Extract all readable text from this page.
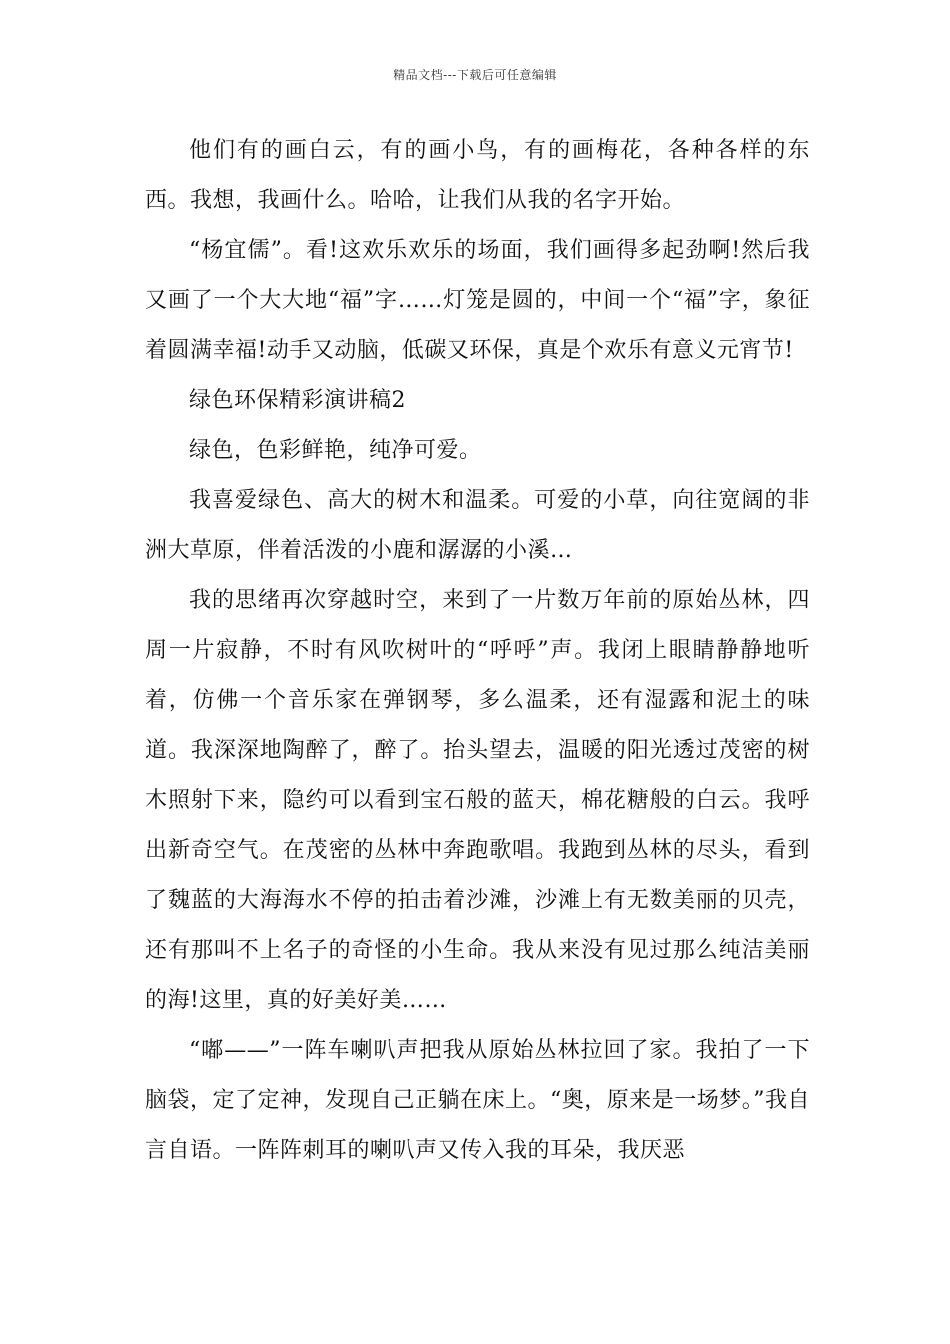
精品文档---下载后可任意编辑

他们有的画白云，有的画小鸟，有的画梅花，各种各样的东西。我想，我画什么。哈哈，让我们从我的名字开始。

“杨宜儒”。看!这欢乐欢乐的场面，我们画得多起劲啊!然后我又画了一个大大地“福”字……灯笼是圆的，中间一个“福”字，象征着圆满幸福!动手又动脑，低碳又环保，真是个欢乐有意义元宵节!

绿色环保精彩演讲稿2

绿色，色彩鲜艳，纯净可爱。

我喜爱绿色、高大的树木和温柔。可爱的小草，向往宽阔的非洲大草原，伴着活泼的小鹿和潺潺的小溪…

我的思绪再次穿越时空，来到了一片数万年前的原始丛林，四周一片寂静，不时有风吹树叶的“呼呼”声。我闭上眼睛静静地听着，仿佛一个音乐家在弹钢琴，多么温柔，还有湿露和泥土的味道。我深深地陶醉了，醉了。抬头望去，温暖的阳光透过茂密的树木照射下来，隐约可以看到宝石般的蓝天，棉花糖般的白云。我呼出新奇空气。在茂密的丛林中奔跑歌唱。我跑到丛林的尽头，看到了魏蓝的大海海水不停的拍击着沙滩，沙滩上有无数美丽的贝壳，还有那叫不上名子的奇怪的小生命。我从来没有见过那么纯洁美丽的海!这里，真的好美好美……

“嘟——”一阵车喇叭声把我从原始丛林拉回了家。我拍了一下脑袋，定了定神，发现自己正躺在床上。“奥，原来是一场梦。”我自言自语。一阵阵刺耳的喇叭声又传入我的耳朵，我厌恶
